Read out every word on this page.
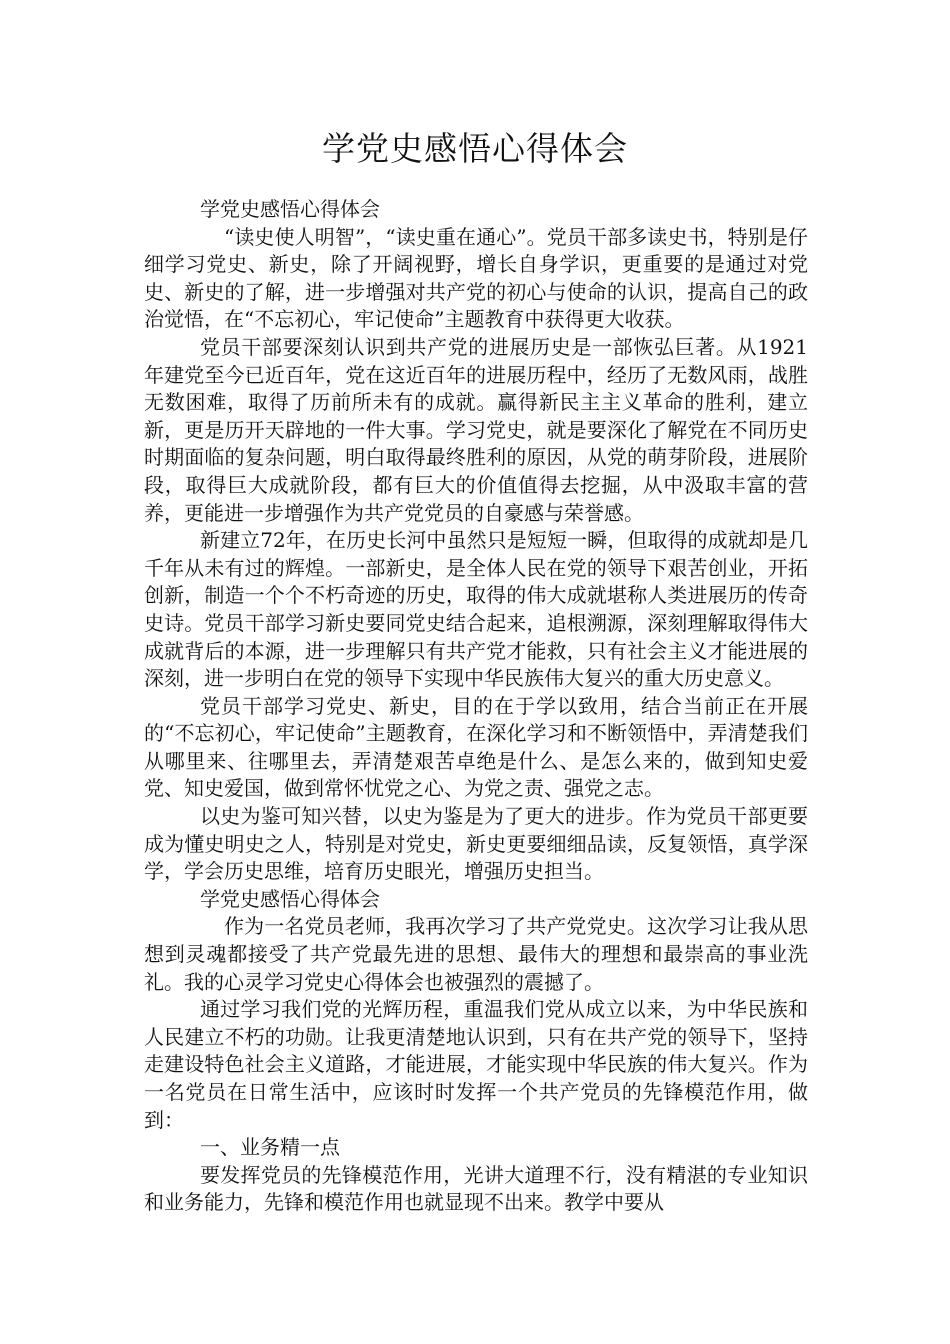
学党史感悟心得体会

学党史感悟心得体会

“读史使人明智”，“读史重在通心”。党员干部多读史书，特别是仔细学习党史、新史，除了开阔视野，增长自身学识，更重要的是通过对党史、新史的了解，进一步增强对共产党的初心与使命的认识，提高自己的政治觉悟，在“不忘初心，牢记使命”主题教育中获得更大收获。

党员干部要深刻认识到共产党的进展历史是一部恢弘巨著。从1921年建党至今已近百年，党在这近百年的进展历程中，经历了无数风雨，战胜无数困难，取得了历前所未有的成就。赢得新民主主义革命的胜利，建立新，更是历开天辟地的一件大事。学习党史，就是要深化了解党在不同历史时期面临的复杂问题，明白取得最终胜利的原因，从党的萌芽阶段，进展阶段，取得巨大成就阶段，都有巨大的价值值得去挖掘，从中汲取丰富的营养，更能进一步增强作为共产党党员的自豪感与荣誉感。

新建立72年，在历史长河中虽然只是短短一瞬，但取得的成就却是几千年从未有过的辉煌。一部新史，是全体人民在党的领导下艰苦创业，开拓创新，制造一个个不朽奇迹的历史，取得的伟大成就堪称人类进展历的传奇史诗。党员干部学习新史要同党史结合起来，追根溯源，深刻理解取得伟大成就背后的本源，进一步理解只有共产党才能救，只有社会主义才能进展的深刻，进一步明白在党的领导下实现中华民族伟大复兴的重大历史意义。

党员干部学习党史、新史，目的在于学以致用，结合当前正在开展的“不忘初心，牢记使命”主题教育，在深化学习和不断领悟中，弄清楚我们从哪里来、往哪里去，弄清楚艰苦卓绝是什么、是怎么来的，做到知史爱党、知史爱国，做到常怀忧党之心、为党之责、强党之志。

以史为鉴可知兴替，以史为鉴是为了更大的进步。作为党员干部更要成为懂史明史之人，特别是对党史，新史更要细细品读，反复领悟，真学深学，学会历史思维，培育历史眼光，增强历史担当。

学党史感悟心得体会

作为一名党员老师，我再次学习了共产党党史。这次学习让我从思想到灵魂都接受了共产党最先进的思想、最伟大的理想和最崇高的事业洗礼。我的心灵学习党史心得体会也被强烈的震撼了。

通过学习我们党的光辉历程，重温我们党从成立以来，为中华民族和人民建立不朽的功勋。让我更清楚地认识到，只有在共产党的领导下，坚持走建设特色社会主义道路，才能进展，才能实现中华民族的伟大复兴。作为一名党员在日常生活中，应该时时发挥一个共产党员的先锋模范作用，做到：

一、业务精一点

要发挥党员的先锋模范作用，光讲大道理不行，没有精湛的专业知识和业务能力，先锋和模范作用也就显现不出来。教学中要从
